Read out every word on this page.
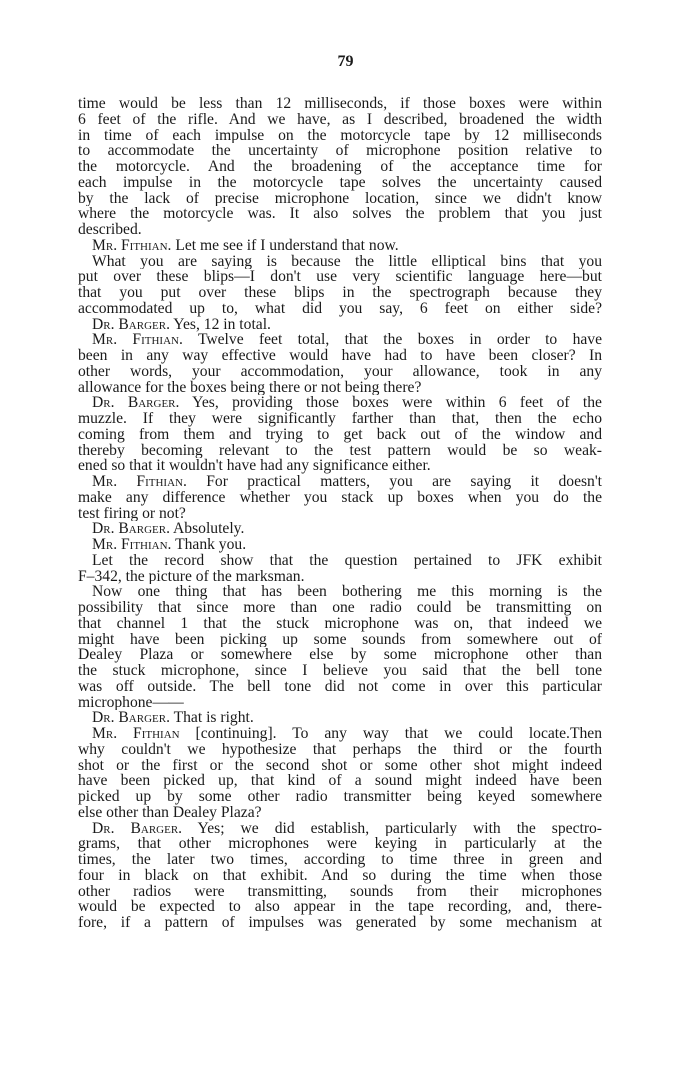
79
time would be less than 12 milliseconds, if those boxes were within
6 feet of the rifle. And we have, as I described, broadened the width
in time of each impulse on the motorcycle tape by 12 milliseconds
to accommodate the uncertainty of microphone position relative to
the motorcycle. And the broadening of the acceptance time for
each impulse in the motorcycle tape solves the uncertainty caused
by the lack of precise microphone location, since we didn't know
where the motorcycle was. It also solves the problem that you just
described.
Mr. Fithian. Let me see if I understand that now.
What you are saying is because the little elliptical bins that you
put over these blips—I don't use very scientific language here—but
that you put over these blips in the spectrograph because they
accommodated up to, what did you say, 6 feet on either side?
Dr. Barger. Yes, 12 in total.
Mr. Fithian. Twelve feet total, that the boxes in order to have
been in any way effective would have had to have been closer? In
other words, your accommodation, your allowance, took in any
allowance for the boxes being there or not being there?
Dr. Barger. Yes, providing those boxes were within 6 feet of the
muzzle. If they were significantly farther than that, then the echo
coming from them and trying to get back out of the window and
thereby becoming relevant to the test pattern would be so weak-
ened so that it wouldn't have had any significance either.
Mr. Fithian. For practical matters, you are saying it doesn't
make any difference whether you stack up boxes when you do the
test firing or not?
Dr. Barger. Absolutely.
Mr. Fithian. Thank you.
Let the record show that the question pertained to JFK exhibit
F–342, the picture of the marksman.
Now one thing that has been bothering me this morning is the
possibility that since more than one radio could be transmitting on
that channel 1 that the stuck microphone was on, that indeed we
might have been picking up some sounds from somewhere out of
Dealey Plaza or somewhere else by some microphone other than
the stuck microphone, since I believe you said that the bell tone
was off outside. The bell tone did not come in over this particular
microphone——
Dr. Barger. That is right.
Mr. Fithian [continuing]. To any way that we could locate.Then
why couldn't we hypothesize that perhaps the third or the fourth
shot or the first or the second shot or some other shot might indeed
have been picked up, that kind of a sound might indeed have been
picked up by some other radio transmitter being keyed somewhere
else other than Dealey Plaza?
Dr. Barger. Yes; we did establish, particularly with the spectro-
grams, that other microphones were keying in particularly at the
times, the later two times, according to time three in green and
four in black on that exhibit. And so during the time when those
other radios were transmitting, sounds from their microphones
would be expected to also appear in the tape recording, and, there-
fore, if a pattern of impulses was generated by some mechanism at
